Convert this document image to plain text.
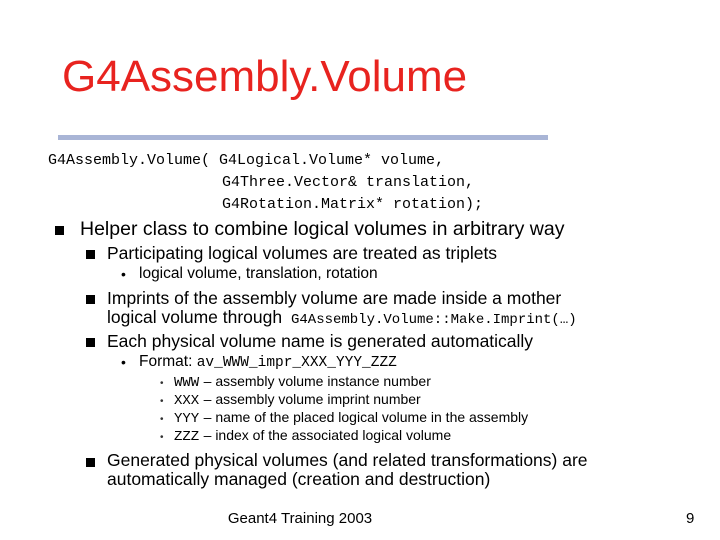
G4Assembly.Volume
G4Assembly.Volume( G4Logical.Volume* volume,
G4Three.Vector& translation,
G4Rotation.Matrix* rotation);
Helper class to combine logical volumes in arbitrary way
Participating logical volumes are treated as triplets
• logical volume, translation, rotation
Imprints of the assembly volume are made inside a mother
logical volume through G4Assembly.Volume::Make.Imprint(…)
Each physical volume name is generated automatically
• Format: av_WWW_impr_XXX_YYY_ZZZ
• WWW – assembly volume instance number
• XXX – assembly volume imprint number
• YYY – name of the placed logical volume in the assembly
• ZZZ – index of the associated logical volume
Generated physical volumes (and related transformations) are
automatically managed (creation and destruction)
Geant4 Training 2003	9
